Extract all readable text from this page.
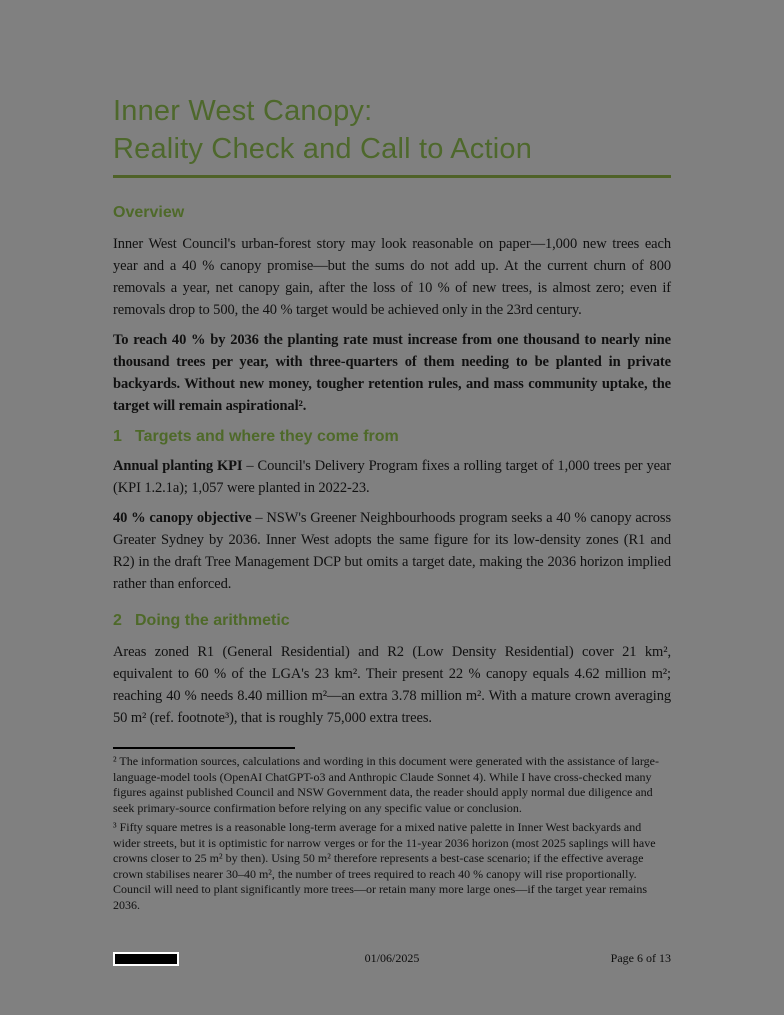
Inner West Canopy:
Reality Check and Call to Action
Overview

Inner West Council's urban-forest story may look reasonable on paper—1,000 new trees each year and a 40 % canopy promise—but the sums do not add up. At the current churn of 800 removals a year, net canopy gain, after the loss of 10 % of new trees, is almost zero; even if removals drop to 500, the 40 % target would be achieved only in the 23rd century.

To reach 40 % by 2036 the planting rate must increase from one thousand to nearly nine thousand trees per year, with three-quarters of them needing to be planted in private backyards. Without new money, tougher retention rules, and mass community uptake, the target will remain aspirational².

1 Targets and where they come from

Annual planting KPI – Council's Delivery Program fixes a rolling target of 1,000 trees per year (KPI 1.2.1a); 1,057 were planted in 2022-23.

40 % canopy objective – NSW's Greener Neighbourhoods program seeks a 40 % canopy across Greater Sydney by 2036. Inner West adopts the same figure for its low-density zones (R1 and R2) in the draft Tree Management DCP but omits a target date, making the 2036 horizon implied rather than enforced.

2 Doing the arithmetic

Areas zoned R1 (General Residential) and R2 (Low Density Residential) cover 21 km², equivalent to 60 % of the LGA's 23 km². Their present 22 % canopy equals 4.62 million m²; reaching 40 % needs 8.40 million m²—an extra 3.78 million m². With a mature crown averaging 50 m² (ref. footnote³), that is roughly 75,000 extra trees.

² The information sources, calculations and wording in this document were generated with the assistance of large-language-model tools (OpenAI ChatGPT-o3 and Anthropic Claude Sonnet 4). While I have cross-checked many figures against published Council and NSW Government data, the reader should apply normal due diligence and seek primary-source confirmation before relying on any specific value or conclusion.

³ Fifty square metres is a reasonable long-term average for a mixed native palette in Inner West backyards and wider streets, but it is optimistic for narrow verges or for the 11-year 2036 horizon (most 2025 saplings will have crowns closer to 25 m² by then). Using 50 m² therefore represents a best-case scenario; if the effective average crown stabilises nearer 30–40 m², the number of trees required to reach 40 % canopy will rise proportionally. Council will need to plant significantly more trees—or retain many more large ones—if the target year remains 2036.

01/06/2025	Page 6 of 13
